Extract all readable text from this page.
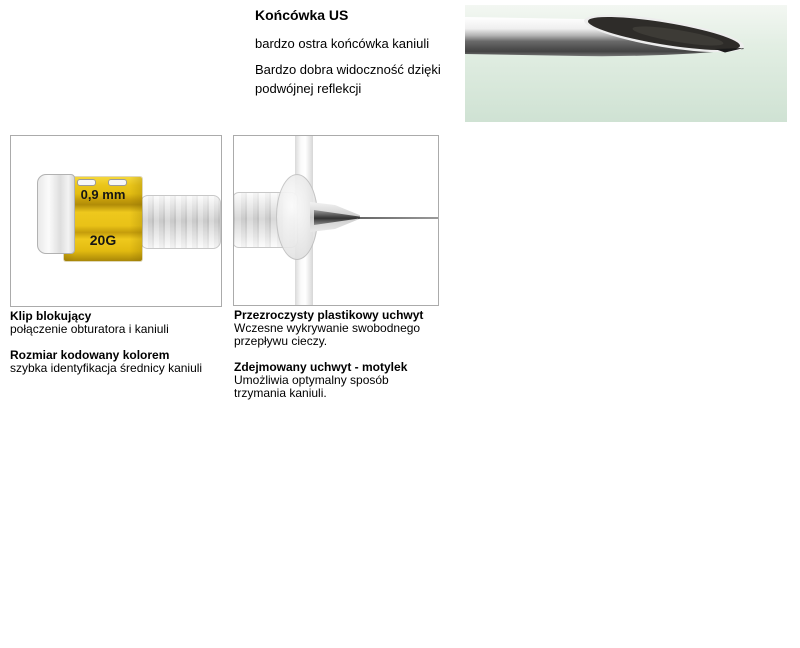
Końcówka US

bardzo ostra końcówka kaniuli

Bardzo dobra widoczność dzięki podwójnej reflekcji

0,9 mm
20G

Klip blokujący

połączenie obturatora i kaniuli

Rozmiar kodowany kolorem

szybka identyfikacja średnicy kaniuli

Przezroczysty plastikowy uchwyt

Wczesne wykrywanie swobodnego przepływu cieczy.

Zdejmowany uchwyt - motylek

Umożliwia optymalny sposób trzymania kaniuli.
